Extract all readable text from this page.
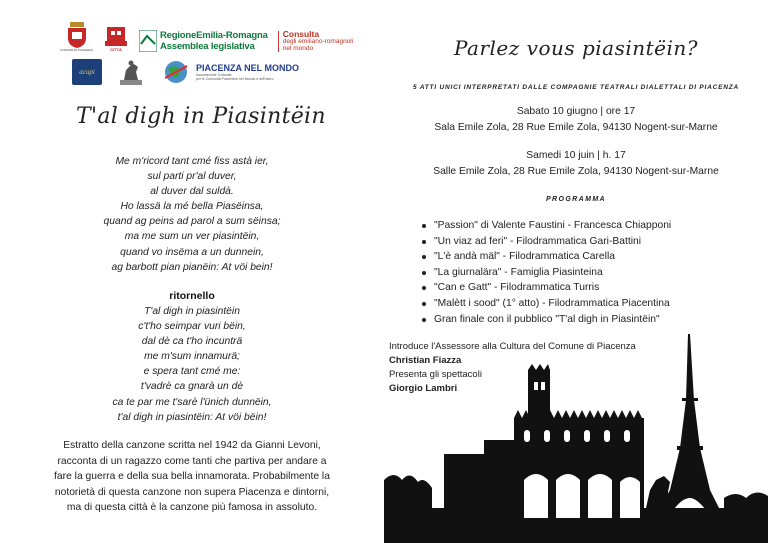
COMUNE DI PIACENZA	CITTÀ
RegioneEmilia-Romagna
Assemblea legislativa
Consulta
degli emiliano-romagnoli
nel mondo
acupi	PIACENZA NEL MONDO
Associazione Culturale
per le Comunità Piacentine nel Mondo e all'Estero
T'al digh in Piasintëin
Me m'ricord tant cmé fiss astà ier,
sul parti pr'al duver,
al duver dal suldà.
Ho lassä la mé bella Piasëinsa,
quand ag peins ad parol a sum sëinsa;
ma me sum un ver piasintëin,
quand vo insëma a un dunnein,
ag barbott pian pianëin: At vöi bein!
ritornello
T'al digh in piasintëin
c't'ho seimpar vuri bëin,
dal dè ca t'ho incunträ
me m'sum innamurä;
e spera tant cmé me:
t'vadrè ca gnarà un dè
ca te par me t'sarè l'ünich dunnëin,
t'al digh in piasintëin: At vöi bëin!
Estratto della canzone scritta nel 1942 da Gianni Levoni,
racconta di un ragazzo come tanti che partiva per andare a
fare la guerra e della sua bella innamorata. Probabilmente la
notorietà di questa canzone non supera Piacenza e dintorni,
ma di questa città è la canzone più famosa in assoluto.
Parlez vous piasintëin?
5 ATTI UNICI INTERPRETATI DALLE COMPAGNIE TEATRALI DIALETTALI DI PIACENZA
Sabato 10 giugno | ore 17
Sala Emile Zola, 28 Rue Emile Zola, 94130 Nogent-sur-Marne
Samedi 10 juin | h. 17
Salle Emile Zola, 28 Rue Emile Zola, 94130 Nogent-sur-Marne
PROGRAMMA
"Passion" di Valente Faustini - Francesca Chiapponi
"Un viaz ad feri" - Filodrammatica Gari-Battini
"L'è andà mäl" - Filodrammatica Carella
"La giurnalära" - Famiglia Piasinteina
"Can e Gatt" - Filodrammatica Turris
"Malètt i sood" (1° atto) - Filodrammatica Piacentina
Gran finale con il pubblico "T'al digh in Piasintëin"
Introduce l'Assessore alla Cultura del Comune di Piacenza
Christian Fiazza
Presenta gli spettacoli
Giorgio Lambri
